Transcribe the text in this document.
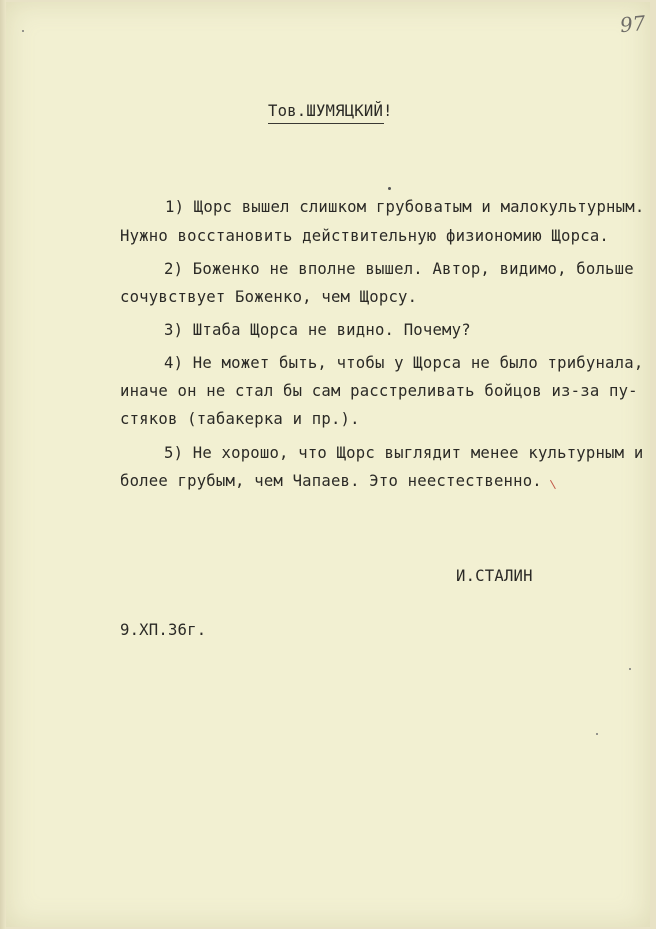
97
Тов.ШУМЯЦКИЙ!
1) Щорс вышел слишком грубоватым и малокультурным.
Нужно восстановить действительную физиономию Щорса.
2) Боженко не вполне вышел. Автор, видимо, больше
сочувствует Боженко, чем Щорсу.
3) Штаба Щорса не видно. Почему?
4) Не может быть, чтобы у Щорса не было трибунала,
иначе он не стал бы сам расстреливать бойцов из-за пу-
стяков (табакерка и пр.).
5) Не хорошо, что Щорс выглядит менее культурным и
более грубым, чем Чапаев. Это неестественно.
И.СТАЛИН
9.XП.36г.
